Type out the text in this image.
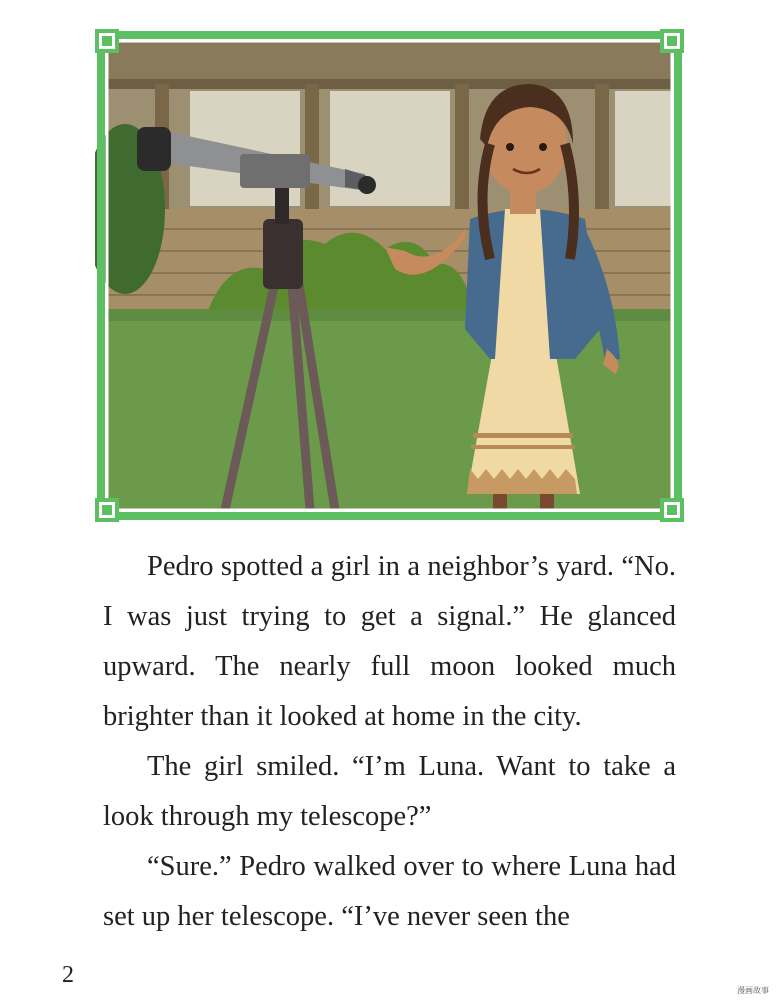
Pedro spotted a girl in a neighbor’s yard. “No. I was just trying to get a signal.” He glanced upward. The nearly full moon looked much brighter than it looked at home in the city.

The girl smiled. “I’m Luna. Want to take a look through my telescope?”

“Sure.” Pedro walked over to where Luna had set up her telescope. “I’ve never seen the

2
漫画故事
